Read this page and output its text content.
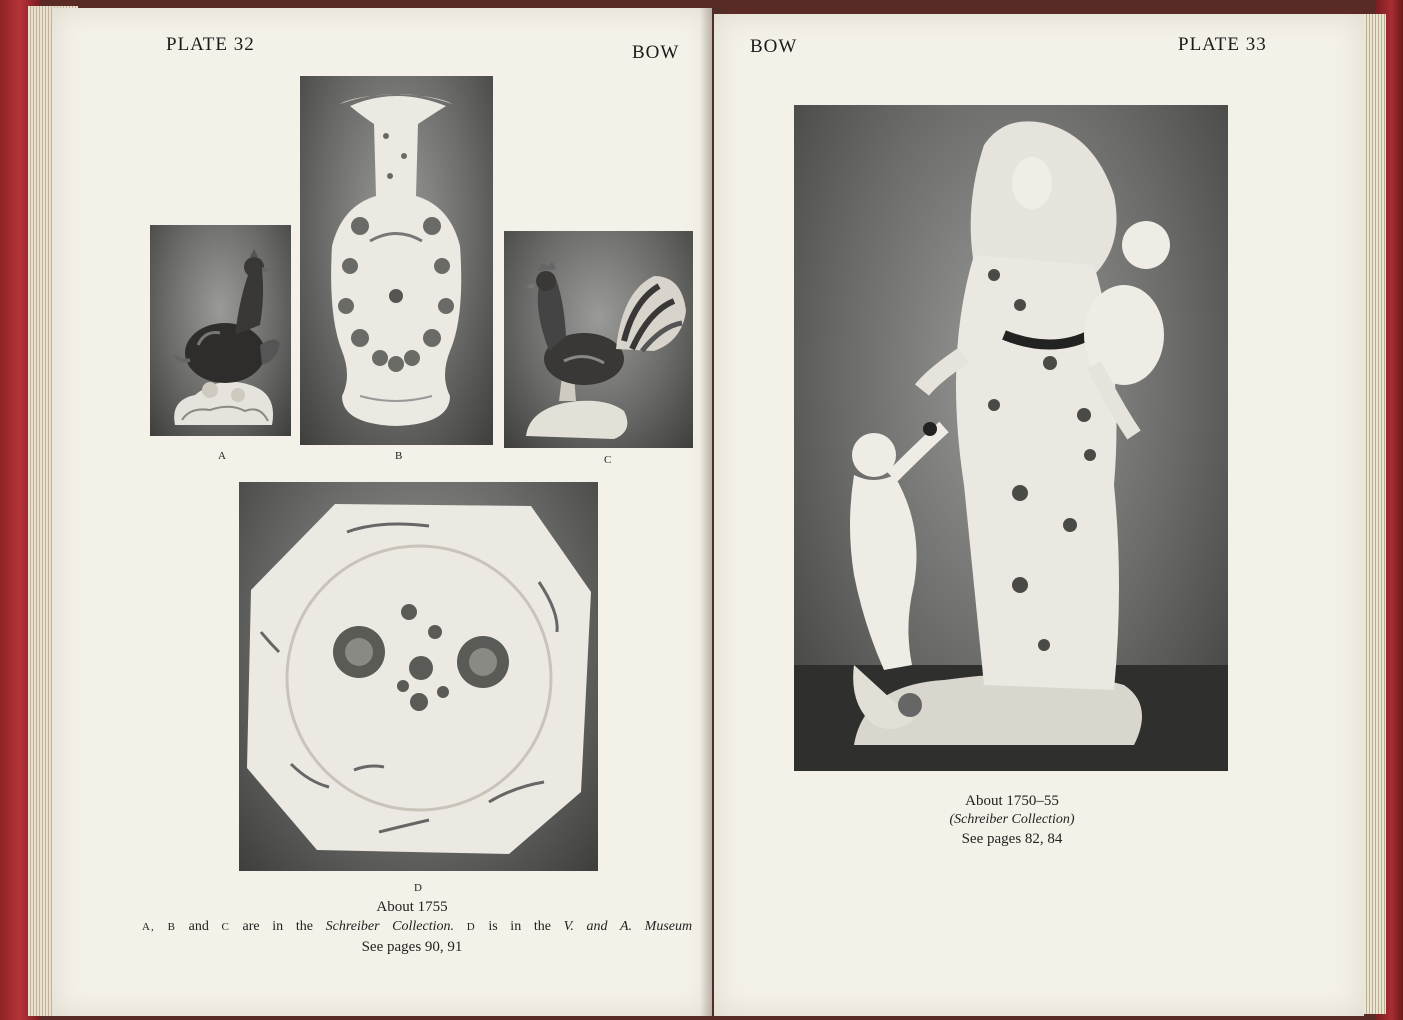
PLATE 32	BOW
A	B	C
D
About 1755
A, B and C are in the Schreiber Collection. D is in the V. and A. Museum
See pages 90, 91
BOW	PLATE 33
About 1750–55
(Schreiber Collection)
See pages 82, 84
